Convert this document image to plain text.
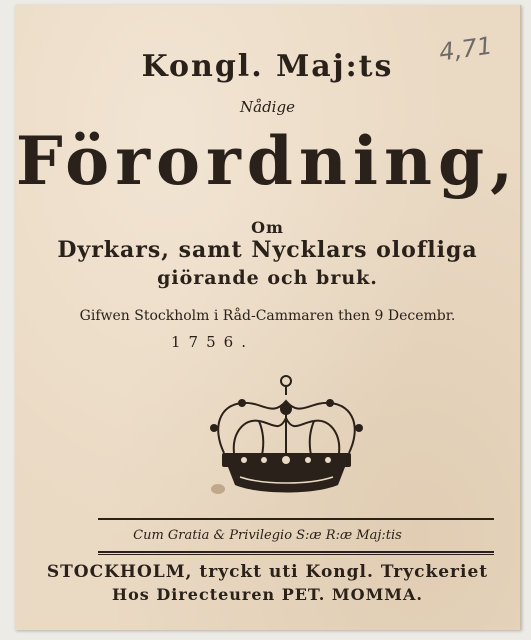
4,71
Kongl. Maj:ts
Nådige
Förordning,
Om
Dyrkars, samt Nycklars olofliga
giörande och bruk.
Gifwen Stockholm i Råd-Cammaren then 9 Decembr.
1756.
Cum Gratia & Privilegio S:æ R:æ Maj:tis
STOCKHOLM, tryckt uti Kongl. Tryckeriet
Hos Directeuren PET. MOMMA.
